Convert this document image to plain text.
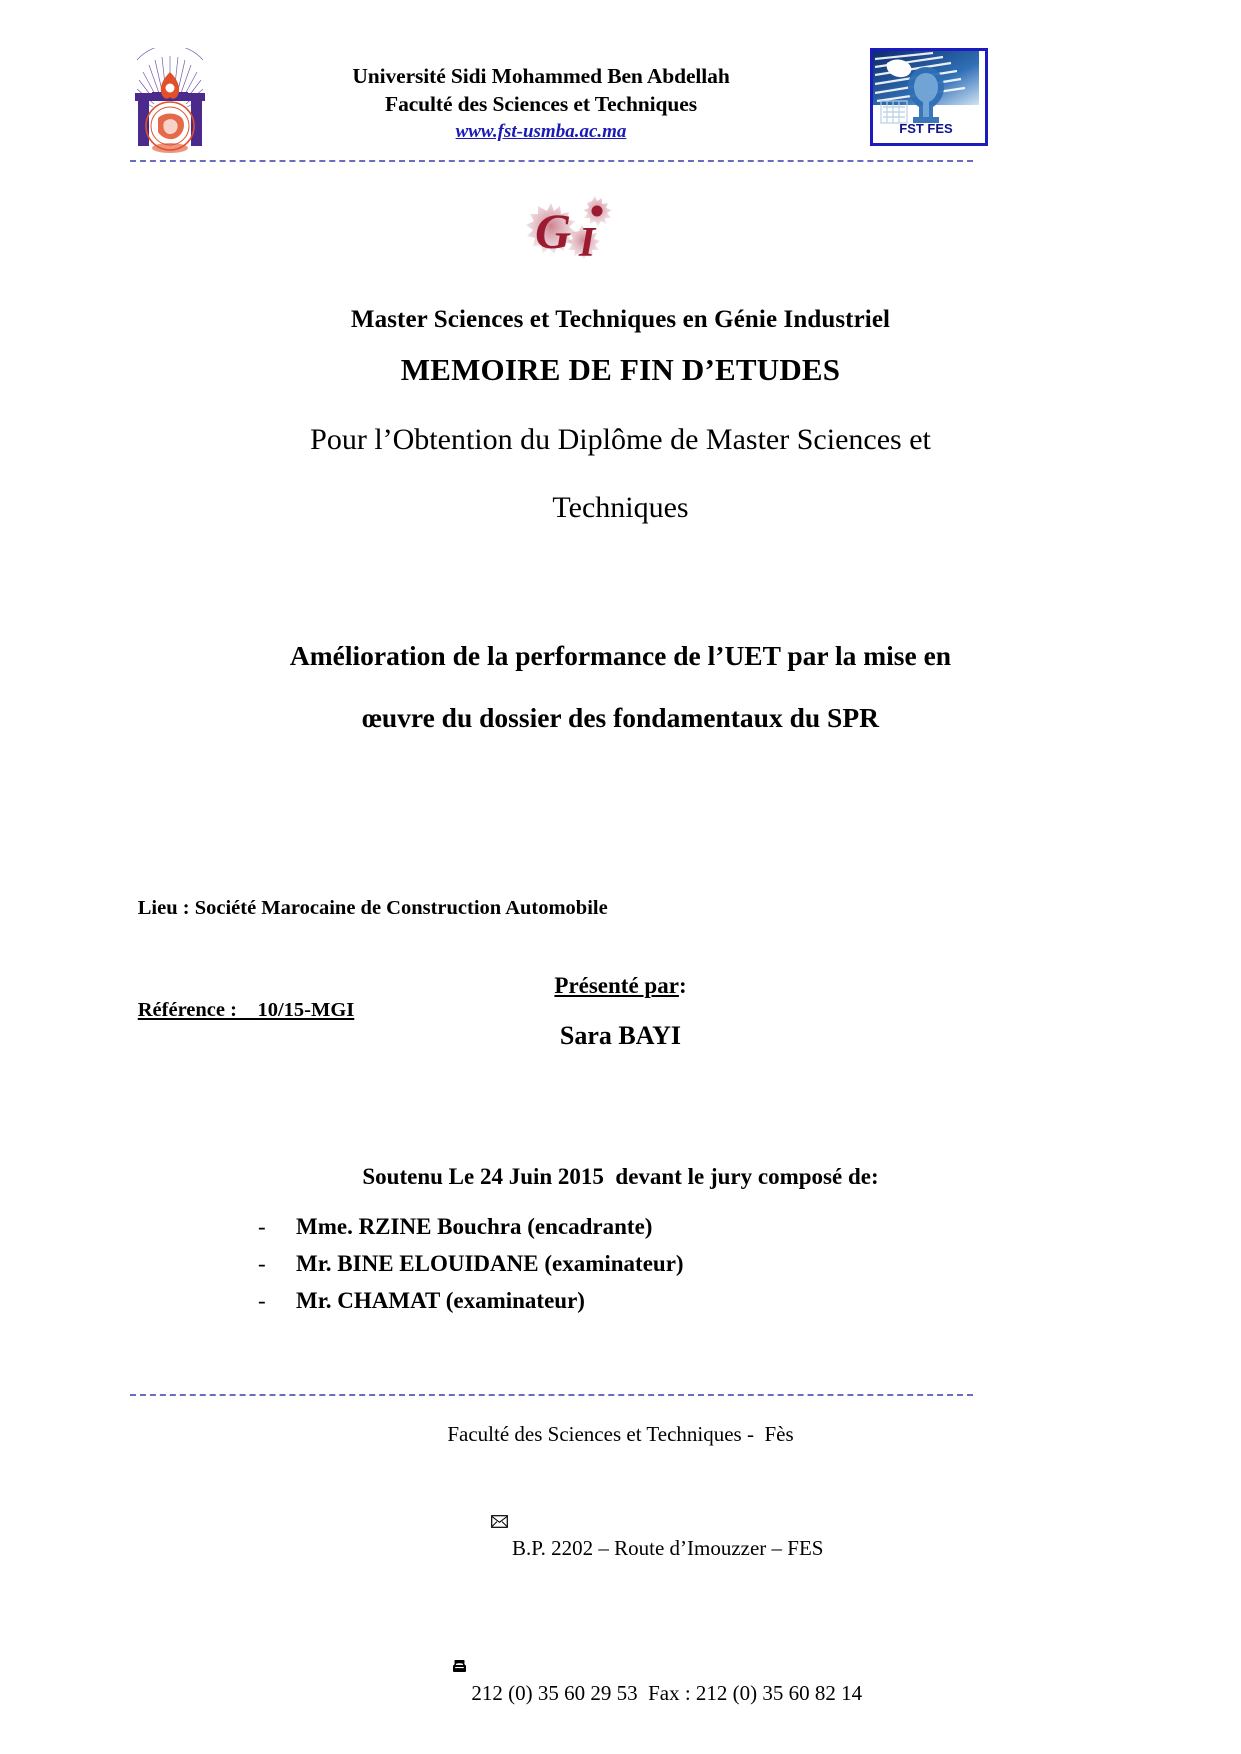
Université Sidi Mohammed Ben Abdellah
Faculté des Sciences et Techniques
www.fst-usmba.ac.ma	FST FES
G I
Master Sciences et Techniques en Génie Industriel
MEMOIRE DE FIN D’ETUDES
Pour l’Obtention du Diplôme de Master Sciences et Techniques
Amélioration de la performance de l’UET par la mise en
œuvre du dossier des fondamentaux du SPR

Lieu : Société Marocaine de Construction Automobile

Référence : 10/15-MGI

Présenté par:
Sara BAYI
Soutenu Le 24 Juin 2015  devant le jury composé de:
-	Mme. RZINE Bouchra (encadrante)
-	Mr. BINE ELOUIDANE (examinateur)
-	Mr. CHAMAT (examinateur)
Faculté des Sciences et Techniques -  Fès

B.P. 2202 – Route d’Imouzzer – FES

212 (0) 35 60 29 53  Fax : 212 (0) 35 60 82 14
